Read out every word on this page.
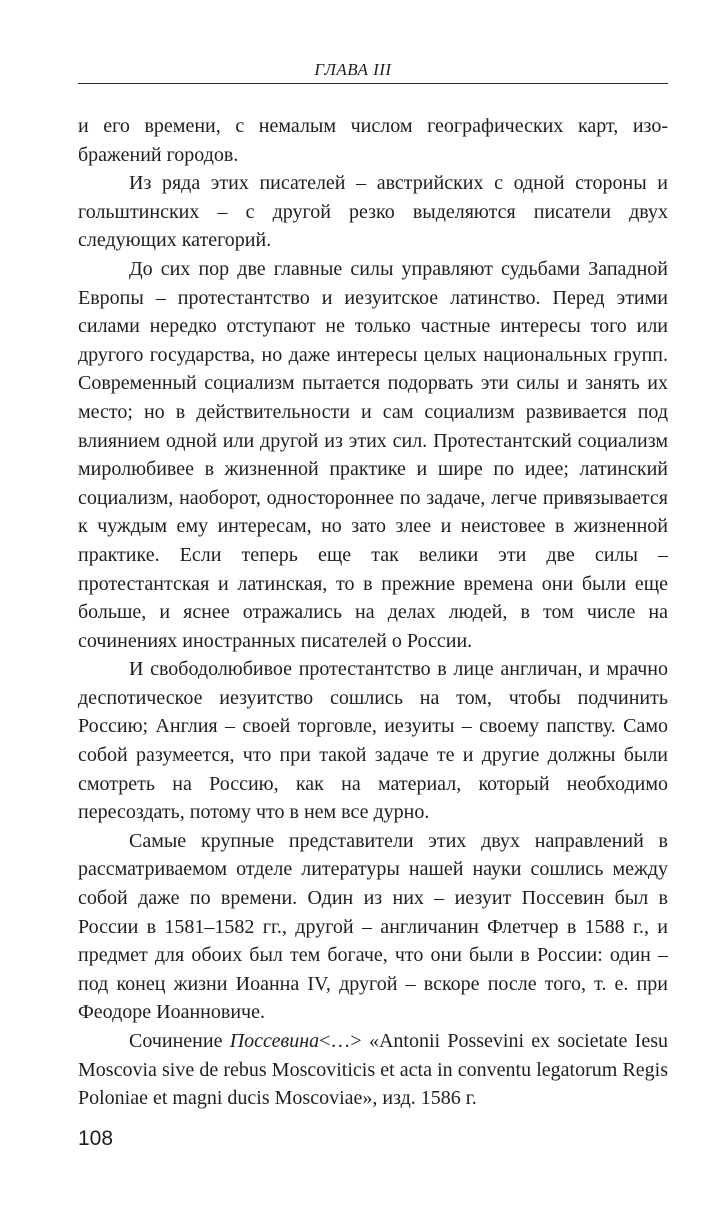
ГЛАВА III

и его времени, с немалым числом географических карт, изображений городов.

Из ряда этих писателей – австрийских с одной стороны и гольштинских – с другой резко выделяются писатели двух следующих категорий.

До сих пор две главные силы управляют судьбами Западной Европы – протестантство и иезуитское латинство. Перед этими силами нередко отступают не только частные интересы того или другого государства, но даже интересы целых национальных групп. Современный социализм пытается подорвать эти силы и занять их место; но в действительности и сам социализм развивается под влиянием одной или другой из этих сил. Протестантский социализм миролюбивее в жизненной практике и шире по идее; латинский социализм, наоборот, одностороннее по задаче, легче привязывается к чуждым ему интересам, но зато злее и неистовее в жизненной практике. Если теперь еще так велики эти две силы – протестантская и латинская, то в прежние времена они были еще больше, и яснее отражались на делах людей, в том числе на сочинениях иностранных писателей о России.

И свободолюбивое протестантство в лице англичан, и мрачно деспотическое иезуитство сошлись на том, чтобы подчинить Россию; Англия – своей торговле, иезуиты – своему папству. Само собой разумеется, что при такой задаче те и другие должны были смотреть на Россию, как на материал, который необходимо пересоздать, потому что в нем все дурно.

Самые крупные представители этих двух направлений в рассматриваемом отделе литературы нашей науки сошлись между собой даже по времени. Один из них – иезуит Поссевин был в России в 1581–1582 гг., другой – англичанин Флетчер в 1588 г., и предмет для обоих был тем богаче, что они были в России: один – под конец жизни Иоанна IV, другой – вскоре после того, т. е. при Феодоре Иоанновиче.

Сочинение Поссевина<…> «Antonii Possevini ex societate Iesu Moscovia sive de rebus Moscoviticis et acta in conventu legatorum Regis Poloniae et magni ducis Moscoviae», изд. 1586 г.

108
